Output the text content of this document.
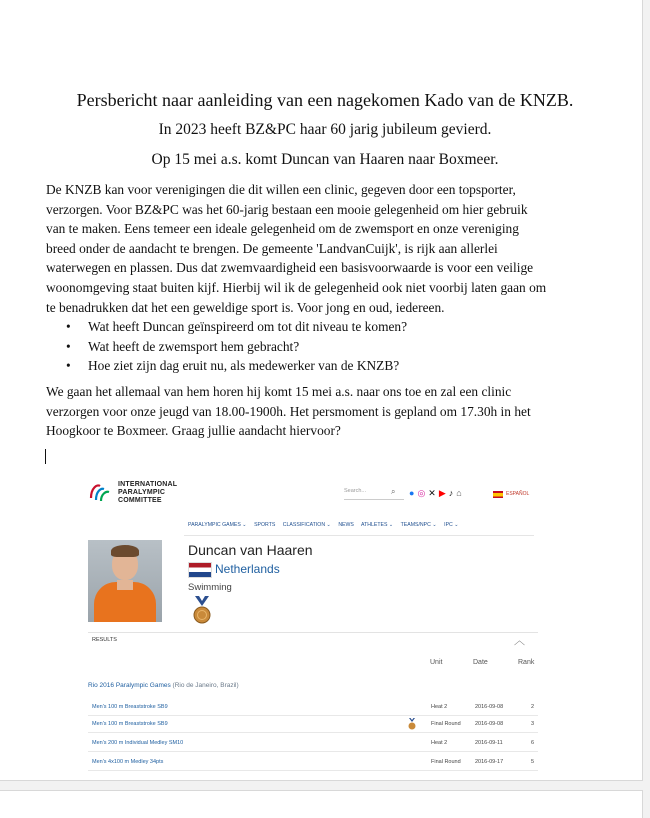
Persbericht naar aanleiding van een nagekomen Kado van de KNZB.
In 2023 heeft BZ&PC haar 60 jarig jubileum gevierd.
Op 15 mei a.s. komt Duncan van Haaren naar Boxmeer.
De KNZB kan voor verenigingen die dit willen een clinic, gegeven door een topsporter,
verzorgen. Voor BZ&PC was het 60-jarig bestaan een mooie gelegenheid om hier gebruik
van te maken. Eens temeer een ideale gelegenheid om de zwemsport en onze vereniging
breed onder de aandacht te brengen. De gemeente 'LandvanCuijk', is rijk aan allerlei
waterwegen en plassen. Dus dat zwemvaardigheid een basisvoorwaarde is voor een veilige
woonomgeving staat buiten kijf. Hierbij wil ik de gelegenheid ook niet voorbij laten gaan om
te benadrukken dat het een geweldige sport is. Voor jong en oud, iedereen.
• Wat heeft Duncan geïnspireerd om tot dit niveau te komen?
• Wat heeft de zwemsport hem gebracht?
• Hoe ziet zijn dag eruit nu, als medewerker van de KNZB?
We gaan het allemaal van hem horen hij komt 15 mei a.s. naar ons toe en zal een clinic
verzorgen voor onze jeugd van 18.00-1900h. Het persmoment is gepland om 17.30h in het
Hoogkoor te Boxmeer. Graag jullie aandacht hiervoor?
INTERNATIONAL
PARALYMPIC
COMMITTEE
Search...	⌕ ● ◎ ✕ ▶ ♪ ⌂	ESPAÑOL
PARALYMPIC GAMES ⌄ SPORTS CLASSIFICATION ⌄ NEWS ATHLETES ⌄ TEAMS/NPC ⌄ IPC ⌄
Duncan van Haaren
Netherlands
Swimming
RESULTS	︿
Unit	Date	Rank
Rio 2016 Paralympic Games (Rio de Janeiro, Brazil)
Men's 100 m Breaststroke SB9	Heat 2	2016-09-08	2
Men's 100 m Breaststroke SB9	Final Round	2016-09-08	3
Men's 200 m Individual Medley SM10	Heat 2	2016-09-11	6
Men's 4x100 m Medley 34pts	Final Round	2016-09-17	5
